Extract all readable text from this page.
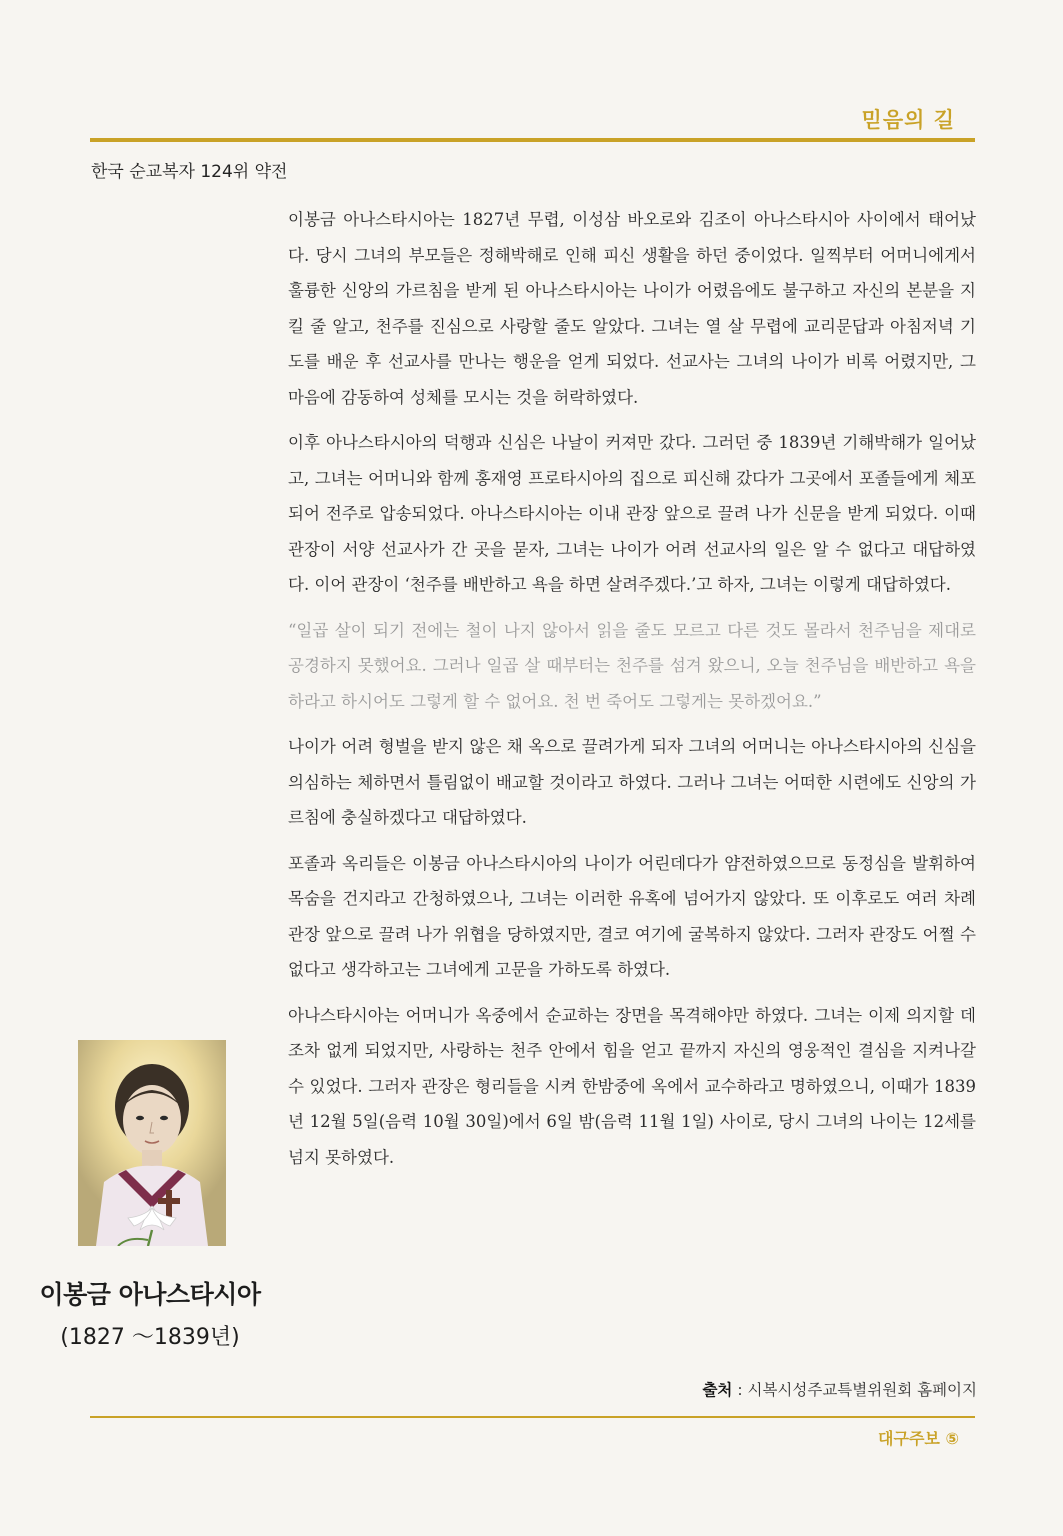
믿음의 길
한국 순교복자 124위 약전

이봉금 아나스타시아는 1827년 무렵, 이성삼 바오로와 김조이 아나스타시아 사이에서 태어났다. 당시 그녀의 부모들은 정해박해로 인해 피신 생활을 하던 중이었다. 일찍부터 어머니에게서 훌륭한 신앙의 가르침을 받게 된 아나스타시아는 나이가 어렸음에도 불구하고 자신의 본분을 지킬 줄 알고, 천주를 진심으로 사랑할 줄도 알았다. 그녀는 열 살 무렵에 교리문답과 아침저녁 기도를 배운 후 선교사를 만나는 행운을 얻게 되었다. 선교사는 그녀의 나이가 비록 어렸지만, 그 마음에 감동하여 성체를 모시는 것을 허락하였다.

이후 아나스타시아의 덕행과 신심은 나날이 커져만 갔다. 그러던 중 1839년 기해박해가 일어났고, 그녀는 어머니와 함께 홍재영 프로타시아의 집으로 피신해 갔다가 그곳에서 포졸들에게 체포되어 전주로 압송되었다. 아나스타시아는 이내 관장 앞으로 끌려 나가 신문을 받게 되었다. 이때 관장이 서양 선교사가 간 곳을 묻자, 그녀는 나이가 어려 선교사의 일은 알 수 없다고 대답하였다. 이어 관장이 ‘천주를 배반하고 욕을 하면 살려주겠다.’고 하자, 그녀는 이렇게 대답하였다.

“일곱 살이 되기 전에는 철이 나지 않아서 읽을 줄도 모르고 다른 것도 몰라서 천주님을 제대로 공경하지 못했어요. 그러나 일곱 살 때부터는 천주를 섬겨 왔으니, 오늘 천주님을 배반하고 욕을 하라고 하시어도 그렇게 할 수 없어요. 천 번 죽어도 그렇게는 못하겠어요.”

나이가 어려 형벌을 받지 않은 채 옥으로 끌려가게 되자 그녀의 어머니는 아나스타시아의 신심을 의심하는 체하면서 틀림없이 배교할 것이라고 하였다. 그러나 그녀는 어떠한 시련에도 신앙의 가르침에 충실하겠다고 대답하였다.

포졸과 옥리들은 이봉금 아나스타시아의 나이가 어린데다가 얌전하였으므로 동정심을 발휘하여 목숨을 건지라고 간청하였으나, 그녀는 이러한 유혹에 넘어가지 않았다. 또 이후로도 여러 차례 관장 앞으로 끌려 나가 위협을 당하였지만, 결코 여기에 굴복하지 않았다. 그러자 관장도 어쩔 수 없다고 생각하고는 그녀에게 고문을 가하도록 하였다.

아나스타시아는 어머니가 옥중에서 순교하는 장면을 목격해야만 하였다. 그녀는 이제 의지할 데조차 없게 되었지만, 사랑하는 천주 안에서 힘을 얻고 끝까지 자신의 영웅적인 결심을 지켜나갈 수 있었다. 그러자 관장은 형리들을 시켜 한밤중에 옥에서 교수하라고 명하였으니, 이때가 1839년 12월 5일(음력 10월 30일)에서 6일 밤(음력 11월 1일) 사이로, 당시 그녀의 나이는 12세를 넘지 못하였다.

이봉금 아나스타시아
(1827 ～1839년)
출처 : 시복시성주교특별위원회 홈페이지
대구주보 ⑤
